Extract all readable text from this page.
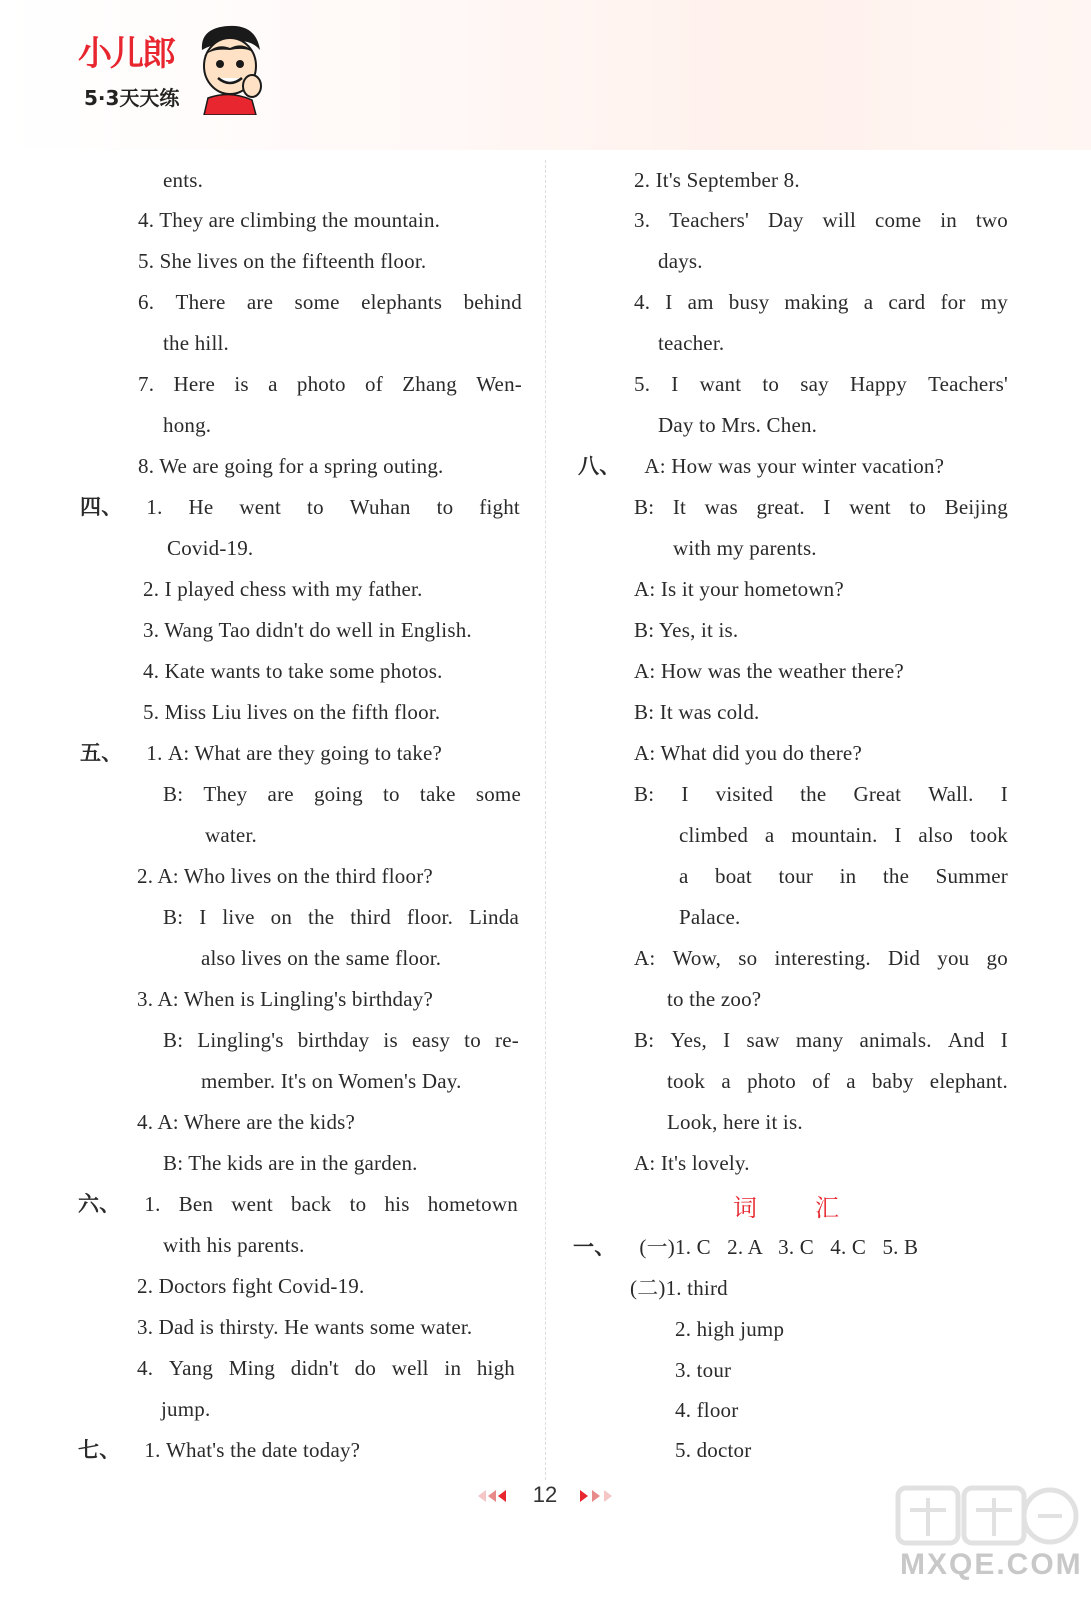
小儿郎
5·3天天练
ents.
4. They are climbing the mountain.
5. She lives on the fifteenth floor.
6. There are some elephants behind
the hill.
7. Here is a photo of Zhang Wen-
hong.
8. We are going for a spring outing.
四、 1. He went to Wuhan to fight
Covid-19.
2. I played chess with my father.
3. Wang Tao didn't do well in English.
4. Kate wants to take some photos.
5. Miss Liu lives on the fifth floor.
五、 1. A: What are they going to take?
B: They are going to take some
water.
2. A: Who lives on the third floor?
B: I live on the third floor. Linda
also lives on the same floor.
3. A: When is Lingling's birthday?
B: Lingling's birthday is easy to re-
member. It's on Women's Day.
4. A: Where are the kids?
B: The kids are in the garden.
六、 1. Ben went back to his hometown
with his parents.
2. Doctors fight Covid-19.
3. Dad is thirsty. He wants some water.
4. Yang Ming didn't do well in high
jump.
七、 1. What's the date today?
2. It's September 8.
3. Teachers' Day will come in two
days.
4. I am busy making a card for my
teacher.
5. I want to say Happy Teachers'
Day to Mrs. Chen.
八、 A: How was your winter vacation?
B: It was great. I went to Beijing
with my parents.
A: Is it your hometown?
B: Yes, it is.
A: How was the weather there?
B: It was cold.
A: What did you do there?
B: I visited the Great Wall. I
climbed a mountain. I also took
a boat tour in the Summer
Palace.
A: Wow, so interesting. Did you go
to the zoo?
B: Yes, I saw many animals. And I
took a photo of a baby elephant.
Look, here it is.
A: It's lovely.
一、 (一)1. C   2. A   3. C   4. C   5. B
(二)1. third
2. high jump
3. tour
4. floor
5. doctor
词汇
12
MXQE.COM
